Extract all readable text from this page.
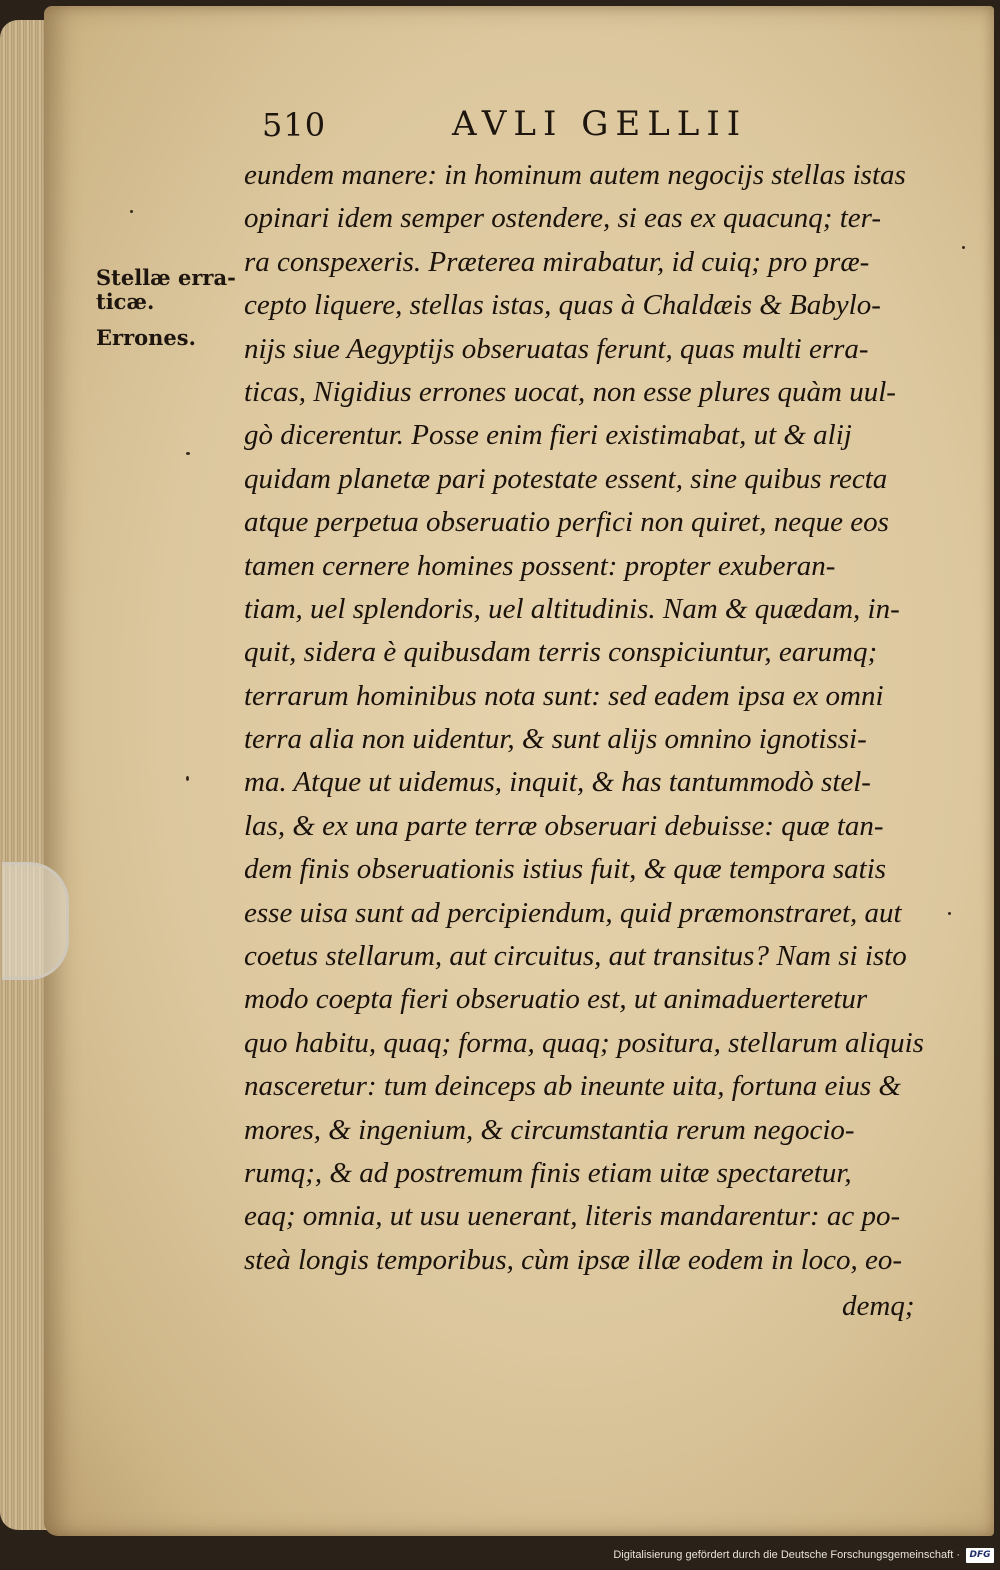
510	AVLI GELLII
Stellæ erra-
ticæ.
Errones.
eundem manere: in hominum autem negocijs stellas istas
opinari idem semper ostendere, si eas ex quacunq; ter-
ra conspexeris. Præterea mirabatur, id cuiq; pro præ-
cepto liquere, stellas istas, quas à Chaldæis & Babylo-
nijs siue Aegyptijs obseruatas ferunt, quas multi erra-
ticas, Nigidius errones uocat, non esse plures quàm uul-
gò dicerentur. Posse enim fieri existimabat, ut & alij
quidam planetæ pari potestate essent, sine quibus recta
atque perpetua obseruatio perfici non quiret, neque eos
tamen cernere homines possent: propter exuberan-
tiam, uel splendoris, uel altitudinis. Nam & quædam, in-
quit, sidera è quibusdam terris conspiciuntur, earumq;
terrarum hominibus nota sunt: sed eadem ipsa ex omni
terra alia non uidentur, & sunt alijs omnino ignotissi-
ma. Atque ut uidemus, inquit, & has tantummodò stel-
las, & ex una parte terræ obseruari debuisse: quæ tan-
dem finis obseruationis istius fuit, & quæ tempora satis
esse uisa sunt ad percipiendum, quid præmonstraret, aut
coetus stellarum, aut circuitus, aut transitus? Nam si isto
modo coepta fieri obseruatio est, ut animaduerteretur
quo habitu, quaq; forma, quaq; positura, stellarum aliquis
nasceretur: tum deinceps ab ineunte uita, fortuna eius &
mores, & ingenium, & circumstantia rerum negocio-
rumq;, & ad postremum finis etiam uitæ spectaretur,
eaq; omnia, ut usu uenerant, literis mandarentur: ac po-
steà longis temporibus, cùm ipsæ illæ eodem in loco, eo-
demq;
Digitalisierung gefördert durch die Deutsche Forschungsgemeinschaft ·	DFG
